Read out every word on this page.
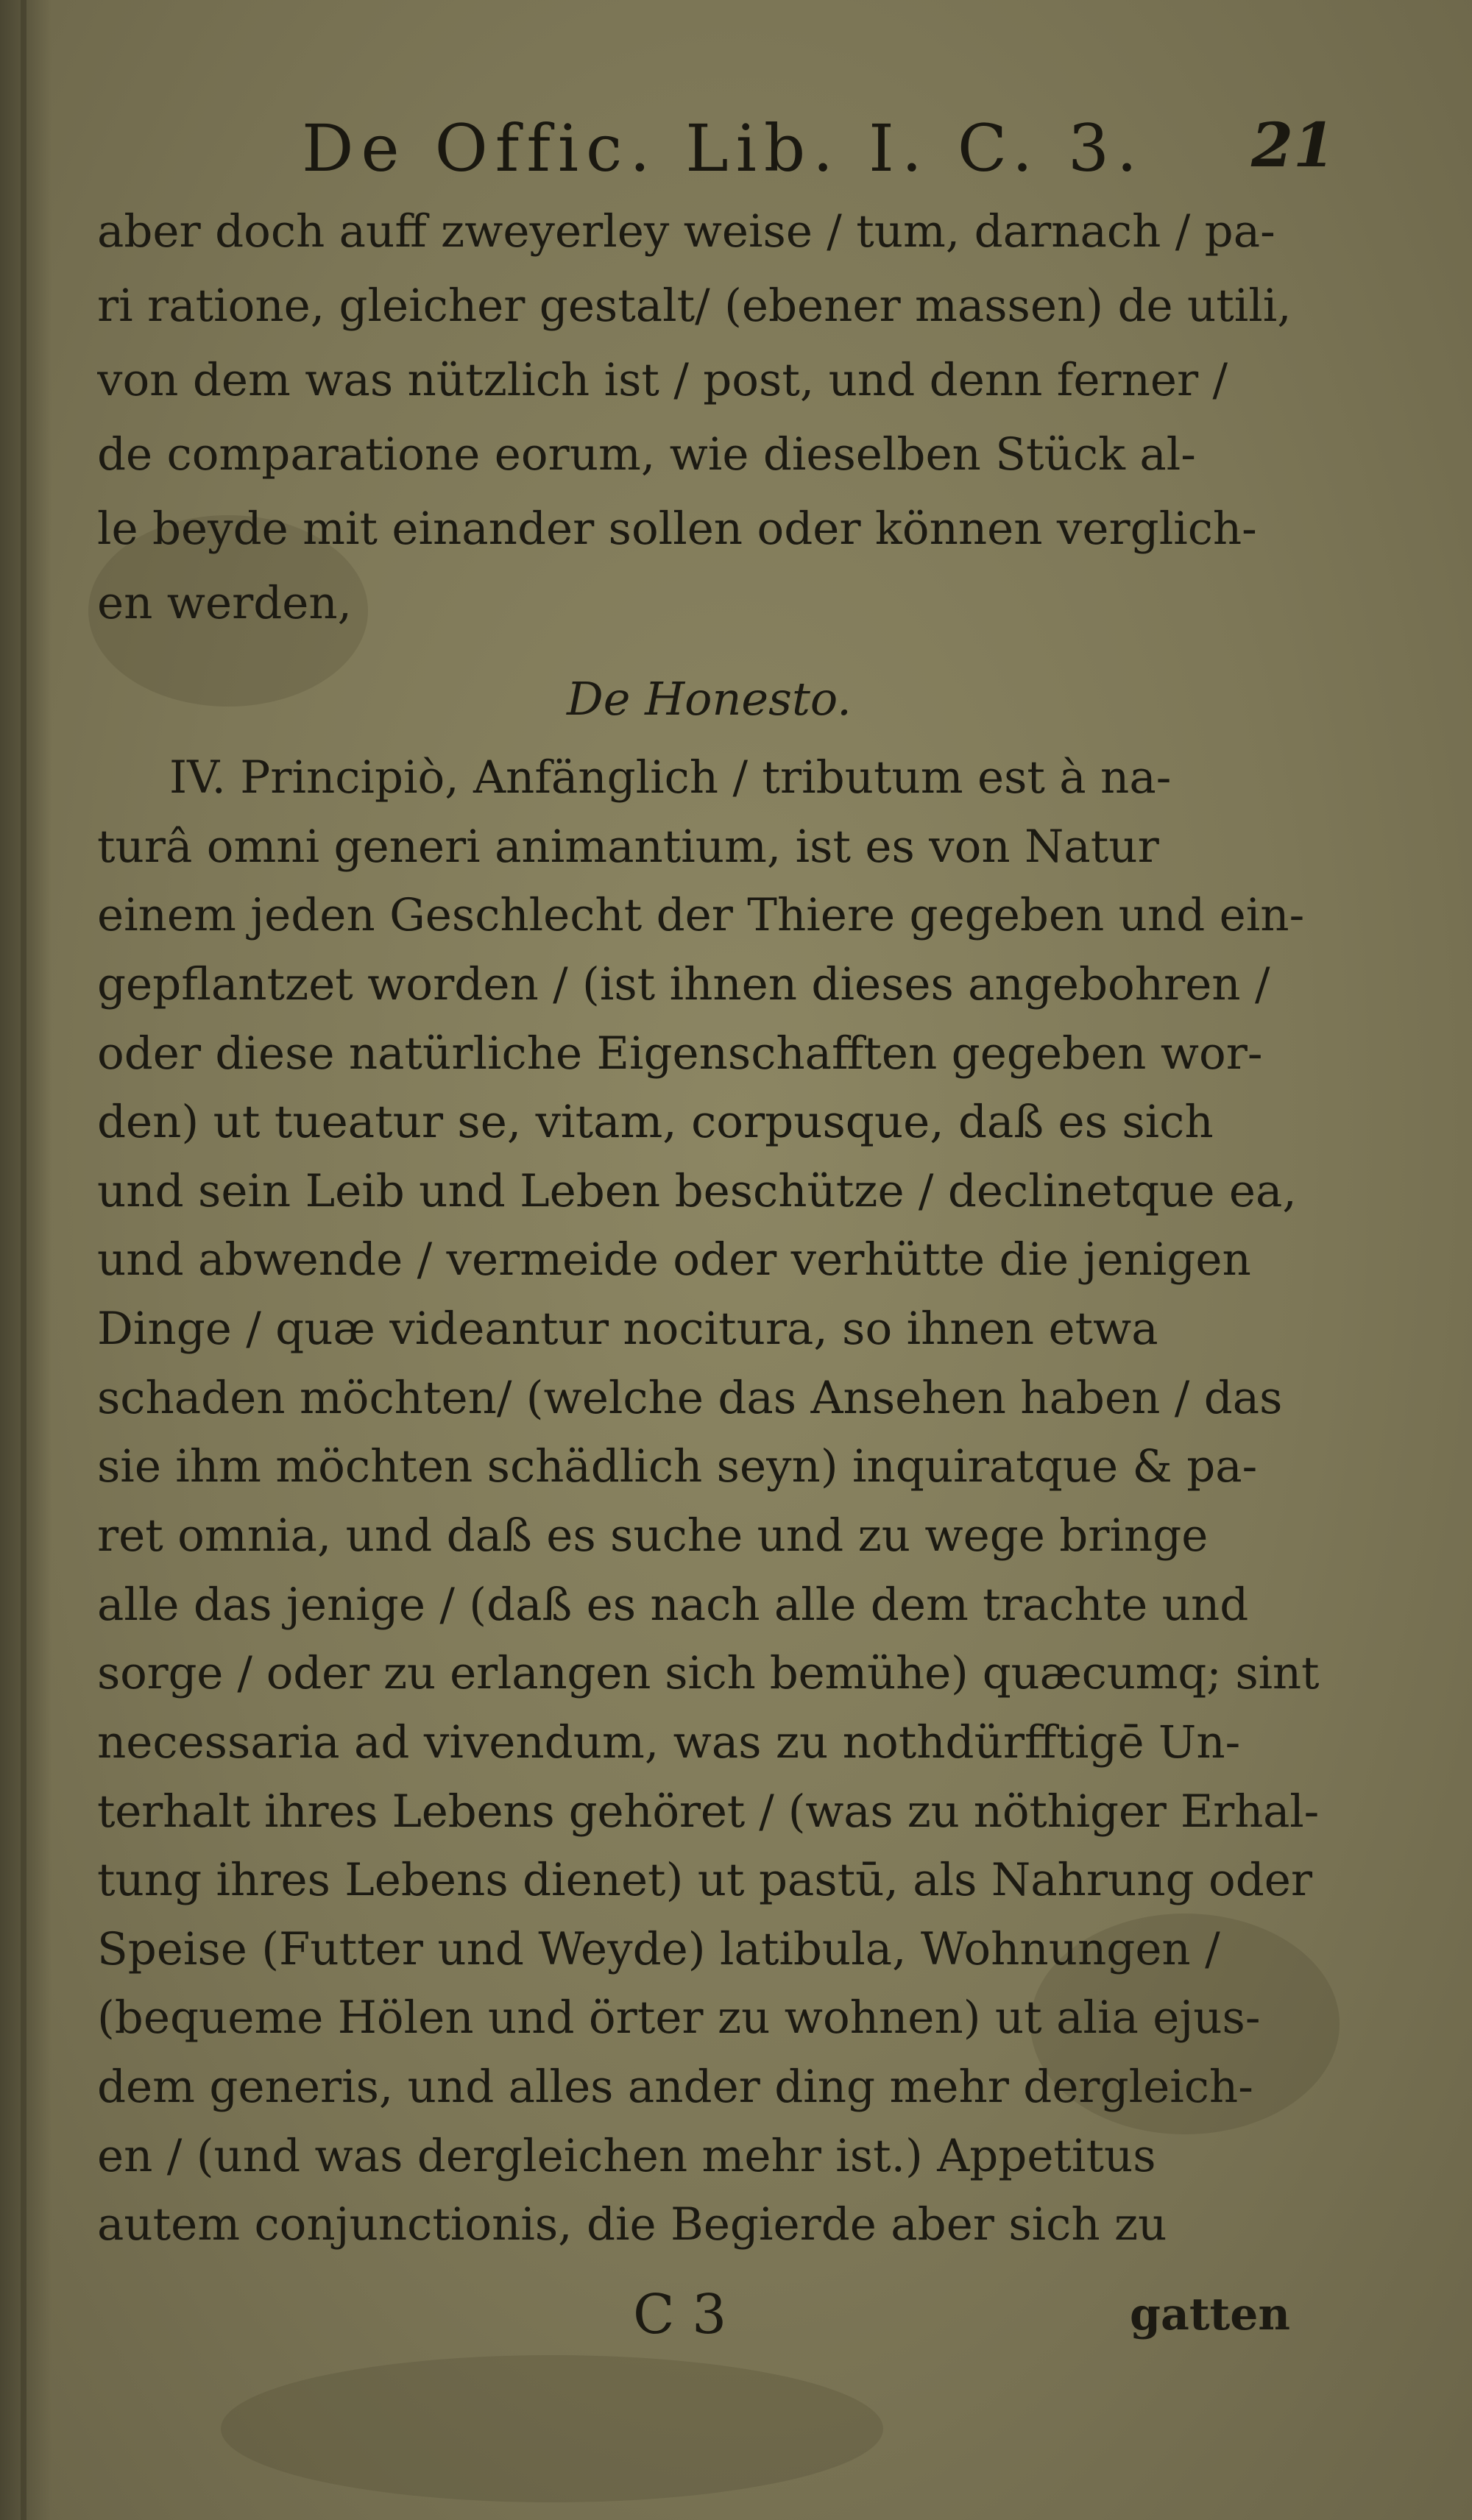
De Offic. Lib. I. C. 3.	21
aber doch auff zweyerley weise / tum, darnach / pa-
ri ratione, gleicher gestalt/ (ebener massen) de utili,
von dem was nützlich ist / post, und denn ferner /
de comparatione eorum, wie dieselben Stück al-
le beyde mit einander sollen oder können verglich-
en werden,
De Honesto.
IV. Principiò, Anfänglich / tributum est à na-
turâ omni generi animantium, ist es von Natur
einem jeden Geschlecht der Thiere gegeben und ein-
gepflantzet worden / (ist ihnen dieses angebohren /
oder diese natürliche Eigenschafften gegeben wor-
den) ut tueatur se, vitam, corpusque, daß es sich
und sein Leib und Leben beschütze / declinetque ea,
und abwende / vermeide oder verhütte die jenigen
Dinge / quæ videantur nocitura, so ihnen etwa
schaden möchten/ (welche das Ansehen haben / das
sie ihm möchten schädlich seyn) inquiratque & pa-
ret omnia, und daß es suche und zu wege bringe
alle das jenige / (daß es nach alle dem trachte und
sorge / oder zu erlangen sich bemühe) quæcumq; sint
necessaria ad vivendum, was zu nothdürfftigē Un-
terhalt ihres Lebens gehöret / (was zu nöthiger Erhal-
tung ihres Lebens dienet) ut pastū, als Nahrung oder
Speise (Futter und Weyde) latibula, Wohnungen /
(bequeme Hölen und örter zu wohnen) ut alia ejus-
dem generis, und alles ander ding mehr dergleich-
en / (und was dergleichen mehr ist.) Appetitus
autem conjunctionis, die Begierde aber sich zu
C 3	gatten
